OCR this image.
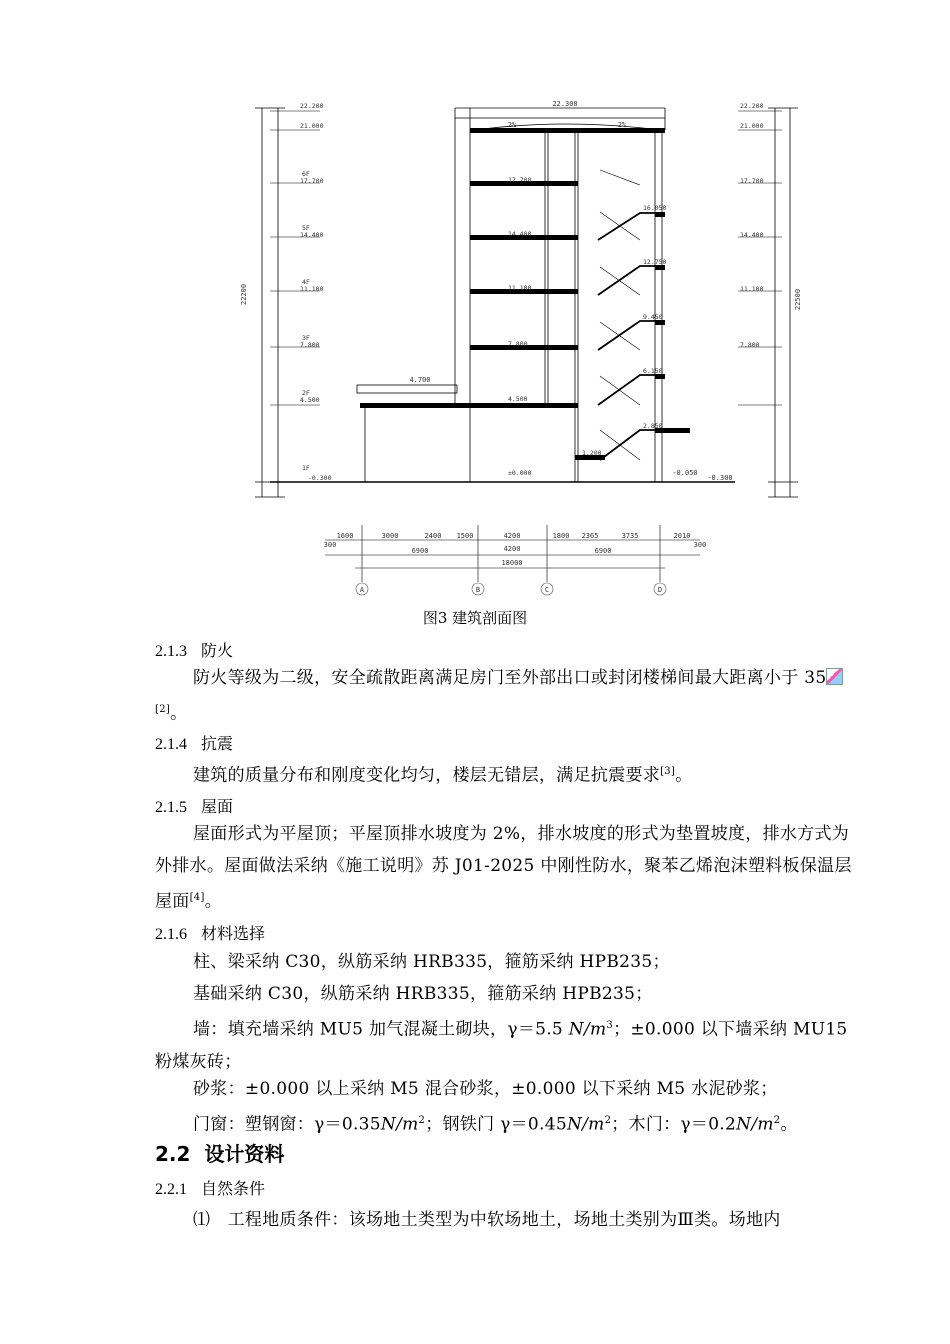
A	B	C	D
300
1600	3000	2400 1500	4200	1800 2365	3735	2010
300
6900	4200	6900
18000
22.300
2%	2%
4.700
-0.050
-0.300
22.200
21.000
17.700
14.400
11.100
7.800
4.500
-0.300
6F
5F
4F
3F
2F
1F
22.200
21.000
17.700
14.400
11.100
7.800
17.700
14.400
11.100
7.800
4.500
±0.000
16.050
12.750
9.450
6.150
2.850
1.200
22200	22500
图3 建筑剖面图
2.1.3 防火
防火等级为二级，安全疏散距离满足房门至外部出口或封闭楼梯间最大距离小于 35[2]。
2.1.4 抗震
建筑的质量分布和刚度变化均匀，楼层无错层，满足抗震要求[3]。
2.1.5 屋面
屋面形式为平屋顶；平屋顶排水坡度为 2%，排水坡度的形式为垫置坡度，排水方式为外排水。屋面做法采纳《施工说明》苏 J01-2025 中刚性防水，聚苯乙烯泡沫塑料板保温层屋面[4]。
2.1.6 材料选择
柱、梁采纳 C30，纵筋采纳 HRB335，箍筋采纳 HPB235；
基础采纳 C30，纵筋采纳 HRB335，箍筋采纳 HPB235；
墙：填充墙采纳 MU5 加气混凝土砌块，γ＝5.5 $N/m^3$；±0.000 以下墙采纳 MU15 粉煤灰砖；
砂浆：±0.000 以上采纳 M5 混合砂浆，±0.000 以下采纳 M5 水泥砂浆；
门窗：塑钢窗：$\gamma=0.35N/m^2$；钢铁门 $\gamma=0.45N/m^2$；木门：$\gamma=0.2N/m^2$。
2.2 设计资料
2.2.1 自然条件
⑴　工程地质条件：该场地土类型为中软场地土，场地土类别为Ⅲ类。场地内
